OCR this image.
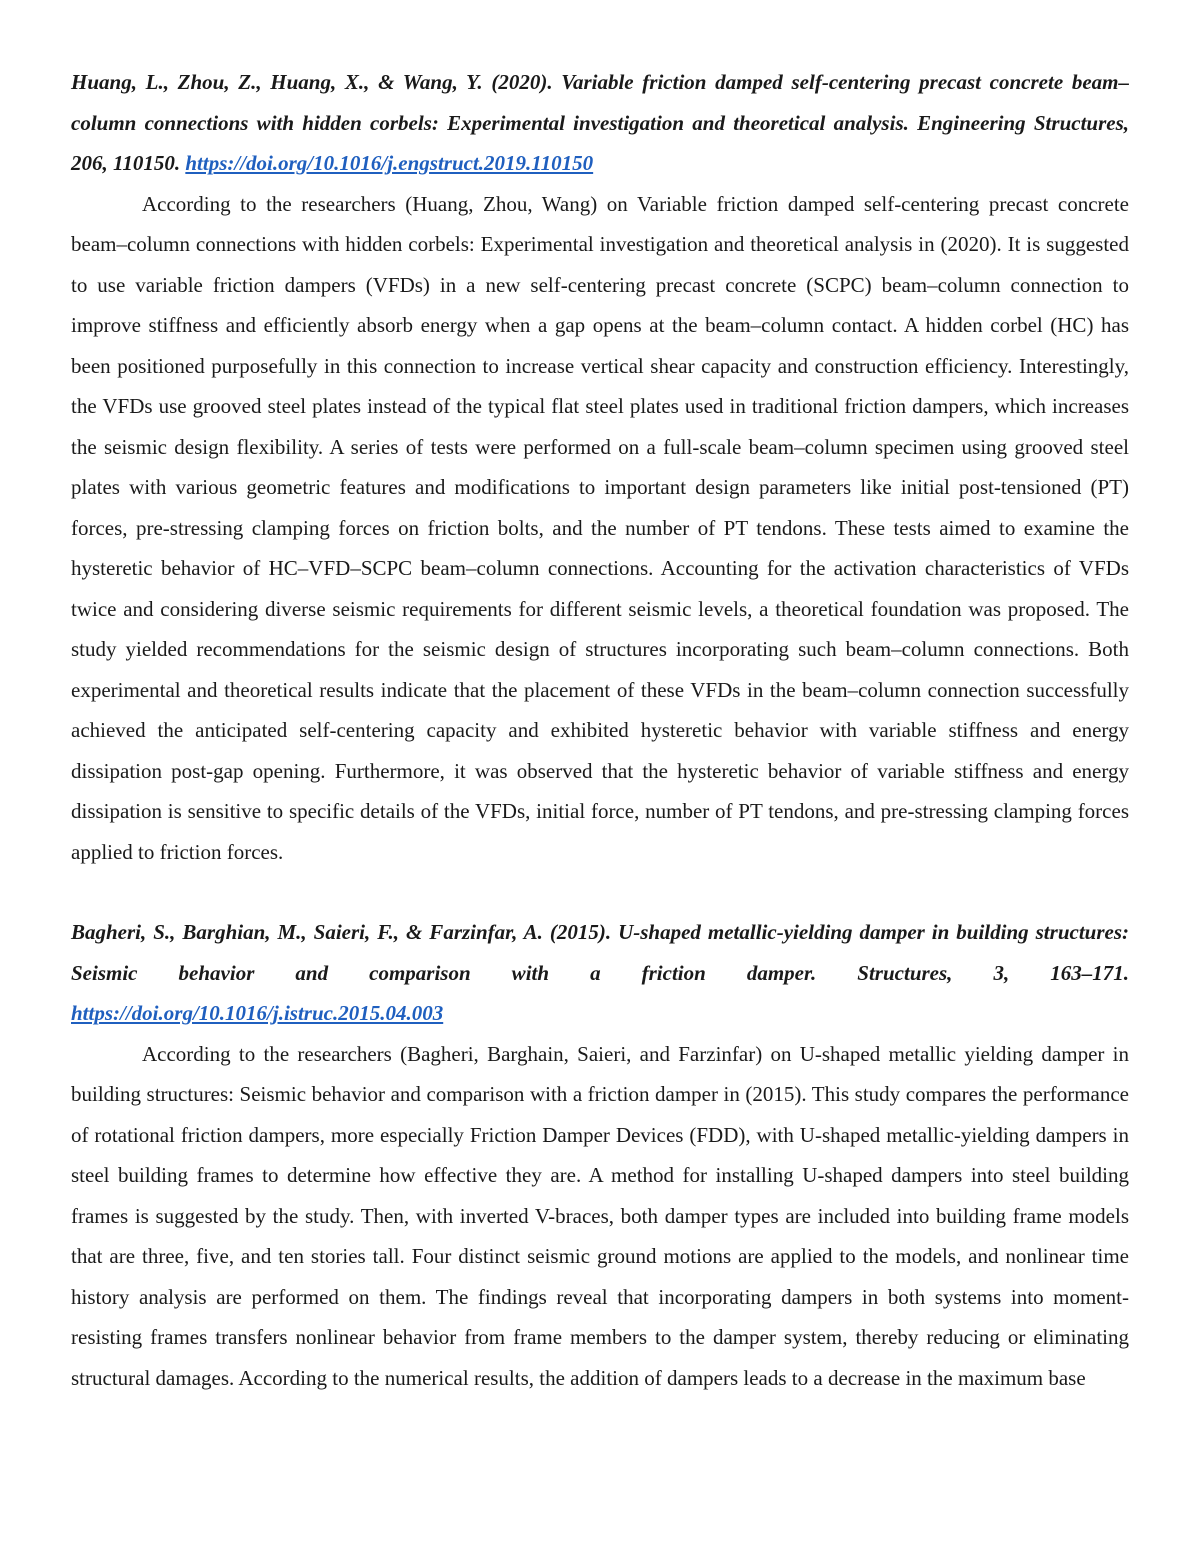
Huang, L., Zhou, Z., Huang, X., & Wang, Y. (2020). Variable friction damped self-centering precast concrete beam–column connections with hidden corbels: Experimental investigation and theoretical analysis. Engineering Structures, 206, 110150. https://doi.org/10.1016/j.engstruct.2019.110150

According to the researchers (Huang, Zhou, Wang) on Variable friction damped self-centering precast concrete beam–column connections with hidden corbels: Experimental investigation and theoretical analysis in (2020). It is suggested to use variable friction dampers (VFDs) in a new self-centering precast concrete (SCPC) beam–column connection to improve stiffness and efficiently absorb energy when a gap opens at the beam–column contact. A hidden corbel (HC) has been positioned purposefully in this connection to increase vertical shear capacity and construction efficiency. Interestingly, the VFDs use grooved steel plates instead of the typical flat steel plates used in traditional friction dampers, which increases the seismic design flexibility. A series of tests were performed on a full-scale beam–column specimen using grooved steel plates with various geometric features and modifications to important design parameters like initial post-tensioned (PT) forces, pre-stressing clamping forces on friction bolts, and the number of PT tendons. These tests aimed to examine the hysteretic behavior of HC–VFD–SCPC beam–column connections. Accounting for the activation characteristics of VFDs twice and considering diverse seismic requirements for different seismic levels, a theoretical foundation was proposed. The study yielded recommendations for the seismic design of structures incorporating such beam–column connections. Both experimental and theoretical results indicate that the placement of these VFDs in the beam–column connection successfully achieved the anticipated self-centering capacity and exhibited hysteretic behavior with variable stiffness and energy dissipation post-gap opening. Furthermore, it was observed that the hysteretic behavior of variable stiffness and energy dissipation is sensitive to specific details of the VFDs, initial force, number of PT tendons, and pre-stressing clamping forces applied to friction forces.

Bagheri, S., Barghian, M., Saieri, F., & Farzinfar, A. (2015). U-shaped metallic-yielding damper in building structures: Seismic behavior and comparison with a friction damper. Structures, 3, 163–171. https://doi.org/10.1016/j.istruc.2015.04.003

According to the researchers (Bagheri, Barghain, Saieri, and Farzinfar) on U-shaped metallic yielding damper in building structures: Seismic behavior and comparison with a friction damper in (2015). This study compares the performance of rotational friction dampers, more especially Friction Damper Devices (FDD), with U-shaped metallic-yielding dampers in steel building frames to determine how effective they are. A method for installing U-shaped dampers into steel building frames is suggested by the study. Then, with inverted V-braces, both damper types are included into building frame models that are three, five, and ten stories tall. Four distinct seismic ground motions are applied to the models, and nonlinear time history analysis are performed on them. The findings reveal that incorporating dampers in both systems into moment-resisting frames transfers nonlinear behavior from frame members to the damper system, thereby reducing or eliminating structural damages. According to the numerical results, the addition of dampers leads to a decrease in the maximum base
